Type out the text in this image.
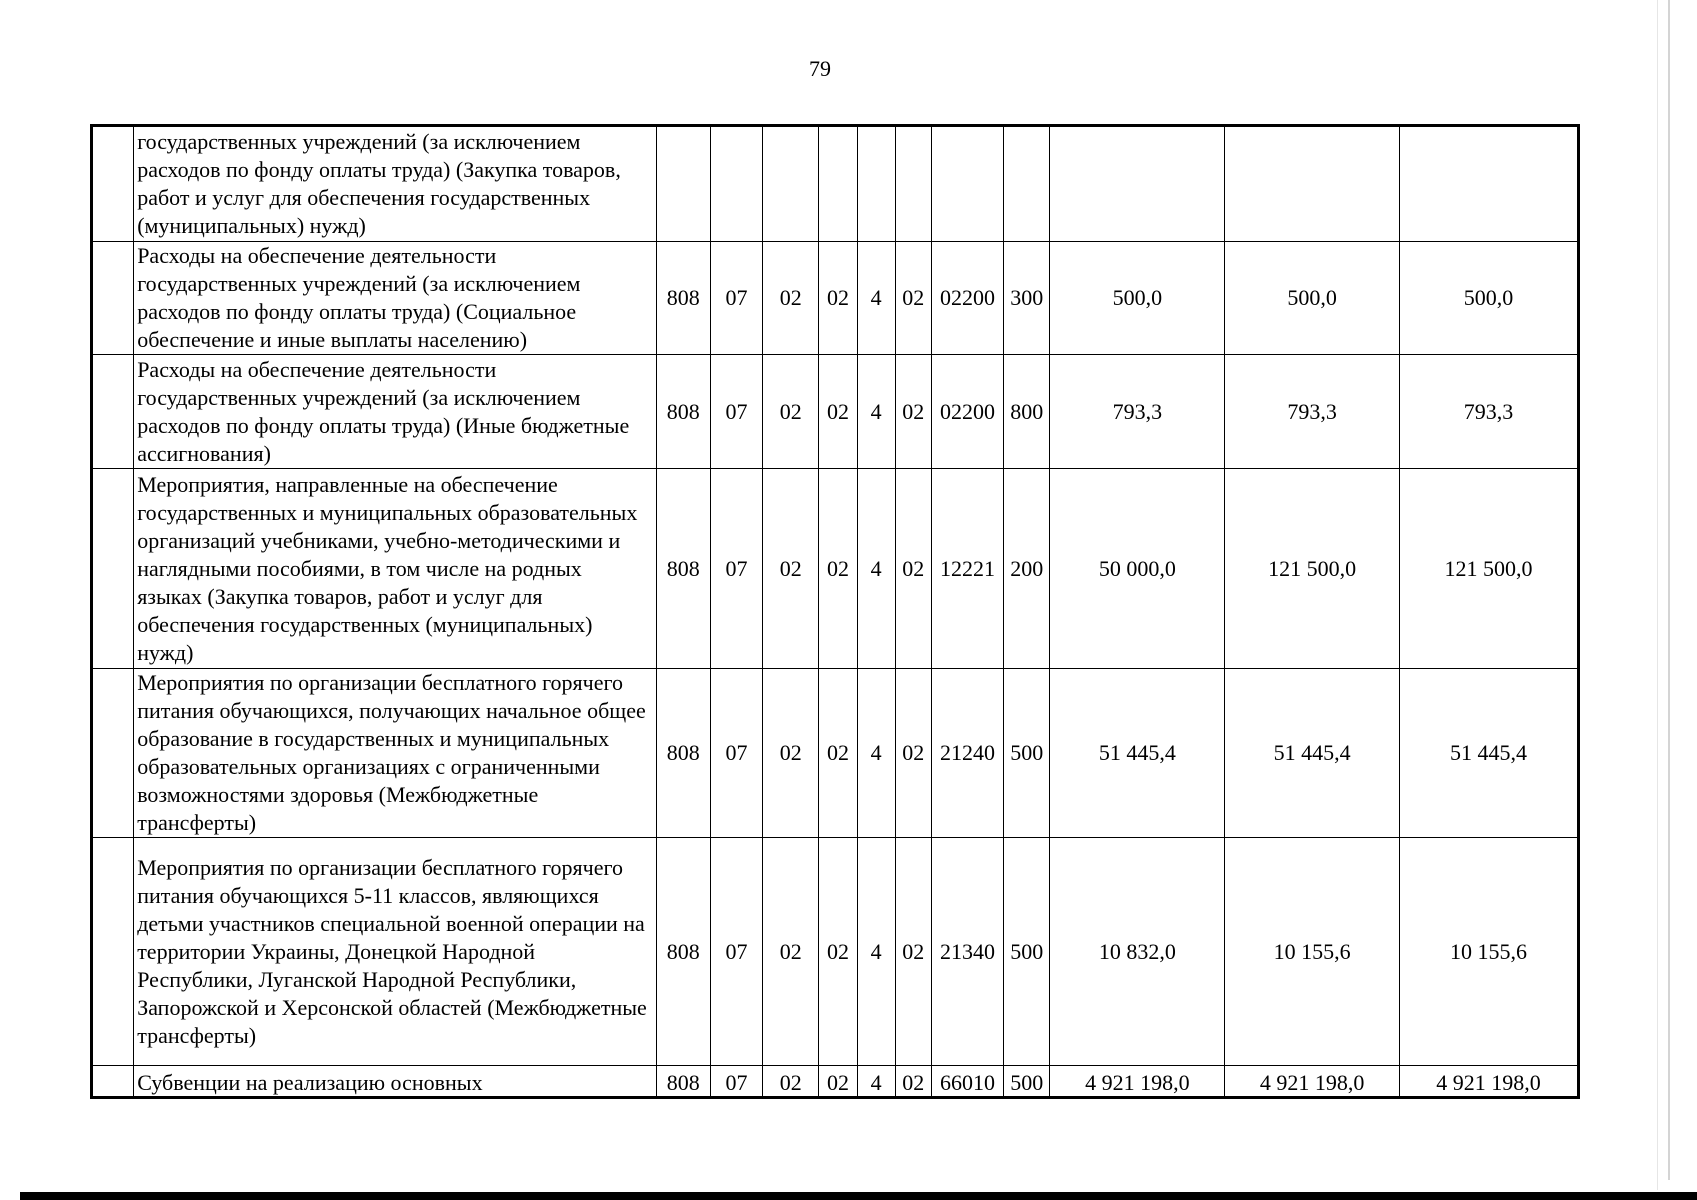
79
	государственных учреждений (за исключением расходов по фонду оплаты труда) (Закупка товаров, работ и услуг для обеспечения государственных (муниципальных) нужд)											
	Расходы на обеспечение деятельности государственных учреждений (за исключением расходов по фонду оплаты труда) (Социальное обеспечение и иные выплаты населению)	808	07	02	02	4	02	02200	300	500,0	500,0	500,0
	Расходы на обеспечение деятельности государственных учреждений (за исключением расходов по фонду оплаты труда) (Иные бюджетные ассигнования)	808	07	02	02	4	02	02200	800	793,3	793,3	793,3
	Мероприятия, направленные на обеспечение государственных и муниципальных образовательных организаций учебниками, учебно-методическими и наглядными пособиями, в том числе на родных языках (Закупка товаров, работ и услуг для обеспечения государственных (муниципальных) нужд)	808	07	02	02	4	02	12221	200	50 000,0	121 500,0	121 500,0
	Мероприятия по организации бесплатного горячего питания обучающихся, получающих начальное общее образование в государственных и муниципальных образовательных организациях с ограниченными возможностями здоровья (Межбюджетные трансферты)	808	07	02	02	4	02	21240	500	51 445,4	51 445,4	51 445,4
	Мероприятия по организации бесплатного горячего питания обучающихся 5-11 классов, являющихся детьми участников специальной военной операции на территории Украины, Донецкой Народной Республики, Луганской Народной Республики, Запорожской и Херсонской областей (Межбюджетные трансферты)	808	07	02	02	4	02	21340	500	10 832,0	10 155,6	10 155,6
	Субвенции на реализацию основных	808	07	02	02	4	02	66010	500	4 921 198,0	4 921 198,0	4 921 198,0
